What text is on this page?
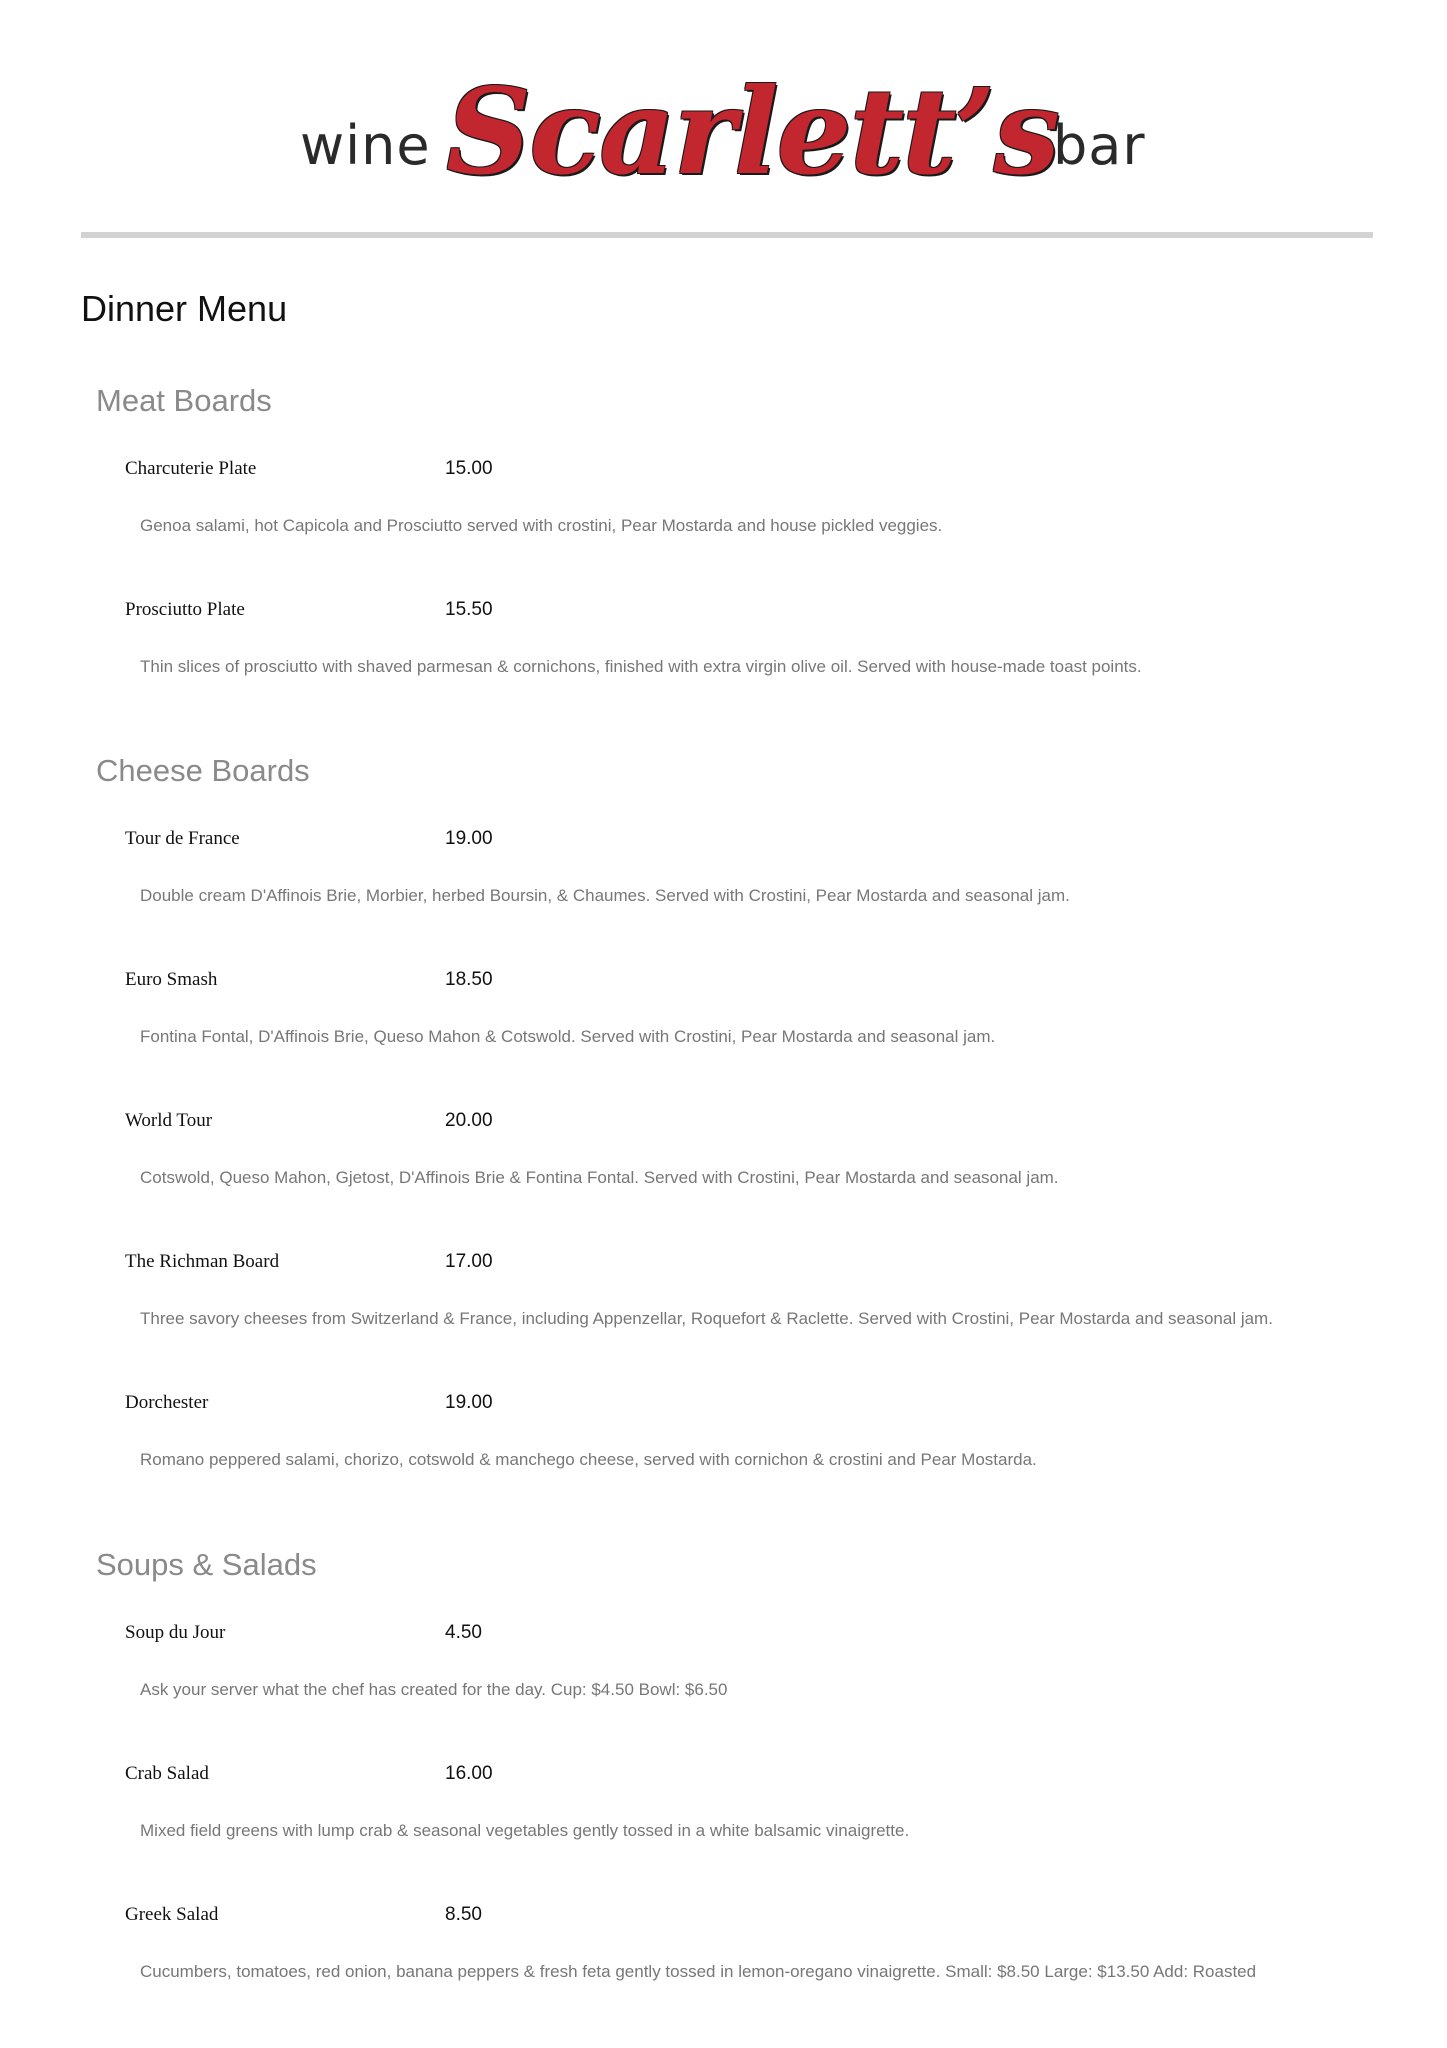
wine Scarlett’s
bar
Dinner Menu
Meat Boards
Charcuterie Plate	15.00
Genoa salami, hot Capicola and Prosciutto served with crostini, Pear Mostarda and house pickled veggies.
Prosciutto Plate	15.50
Thin slices of prosciutto with shaved parmesan & cornichons, finished with extra virgin olive oil. Served with house-made toast points.
Cheese Boards
Tour de France	19.00
Double cream D'Affinois Brie, Morbier, herbed Boursin, & Chaumes. Served with Crostini, Pear Mostarda and seasonal jam.
Euro Smash	18.50
Fontina Fontal, D'Affinois Brie, Queso Mahon & Cotswold. Served with Crostini, Pear Mostarda and seasonal jam.
World Tour	20.00
Cotswold, Queso Mahon, Gjetost, D'Affinois Brie & Fontina Fontal. Served with Crostini, Pear Mostarda and seasonal jam.
The Richman Board	17.00
Three savory cheeses from Switzerland & France, including Appenzellar, Roquefort & Raclette. Served with Crostini, Pear Mostarda and seasonal jam.
Dorchester	19.00
Romano peppered salami, chorizo, cotswold & manchego cheese, served with cornichon & crostini and Pear Mostarda.
Soups & Salads
Soup du Jour	4.50
Ask your server what the chef has created for the day. Cup: $4.50 Bowl: $6.50
Crab Salad	16.00
Mixed field greens with lump crab & seasonal vegetables gently tossed in a white balsamic vinaigrette.
Greek Salad	8.50
Cucumbers, tomatoes, red onion, banana peppers & fresh feta gently tossed in lemon-oregano vinaigrette. Small: $8.50 Large: $13.50 Add: Roasted
